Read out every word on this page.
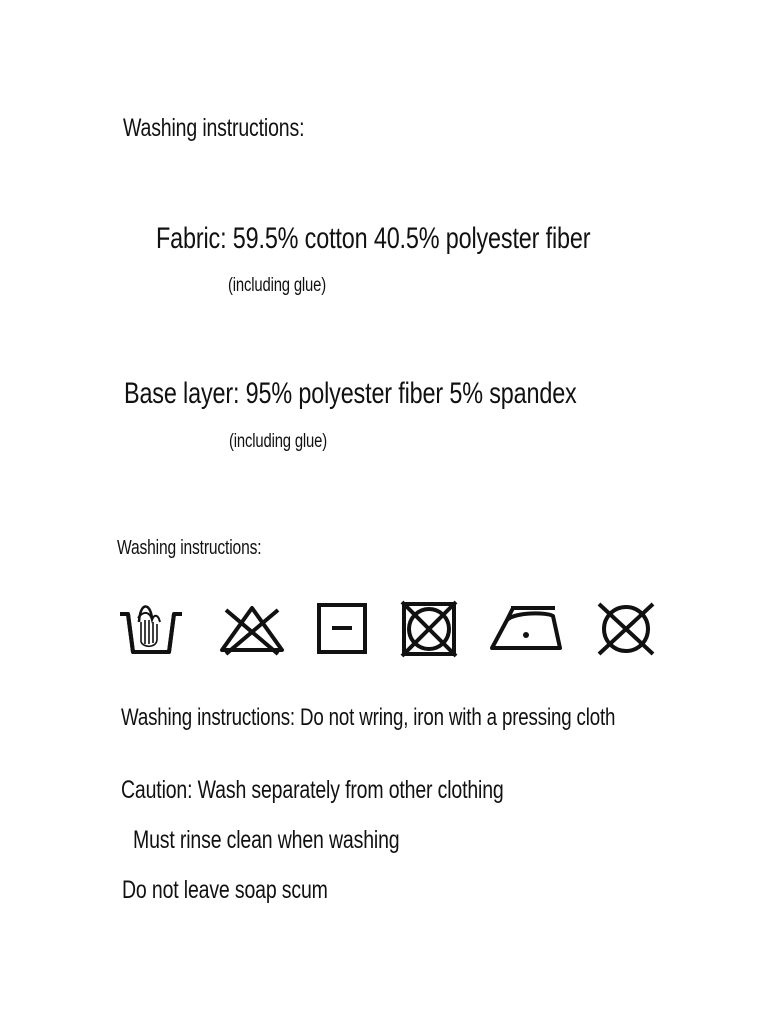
Washing instructions:
Fabric: 59.5% cotton 40.5% polyester fiber
(including glue)
Base layer: 95% polyester fiber 5% spandex
(including glue)
Washing instructions:
Washing instructions: Do not wring, iron with a pressing cloth
Caution: Wash separately from other clothing
Must rinse clean when washing
Do not leave soap scum
